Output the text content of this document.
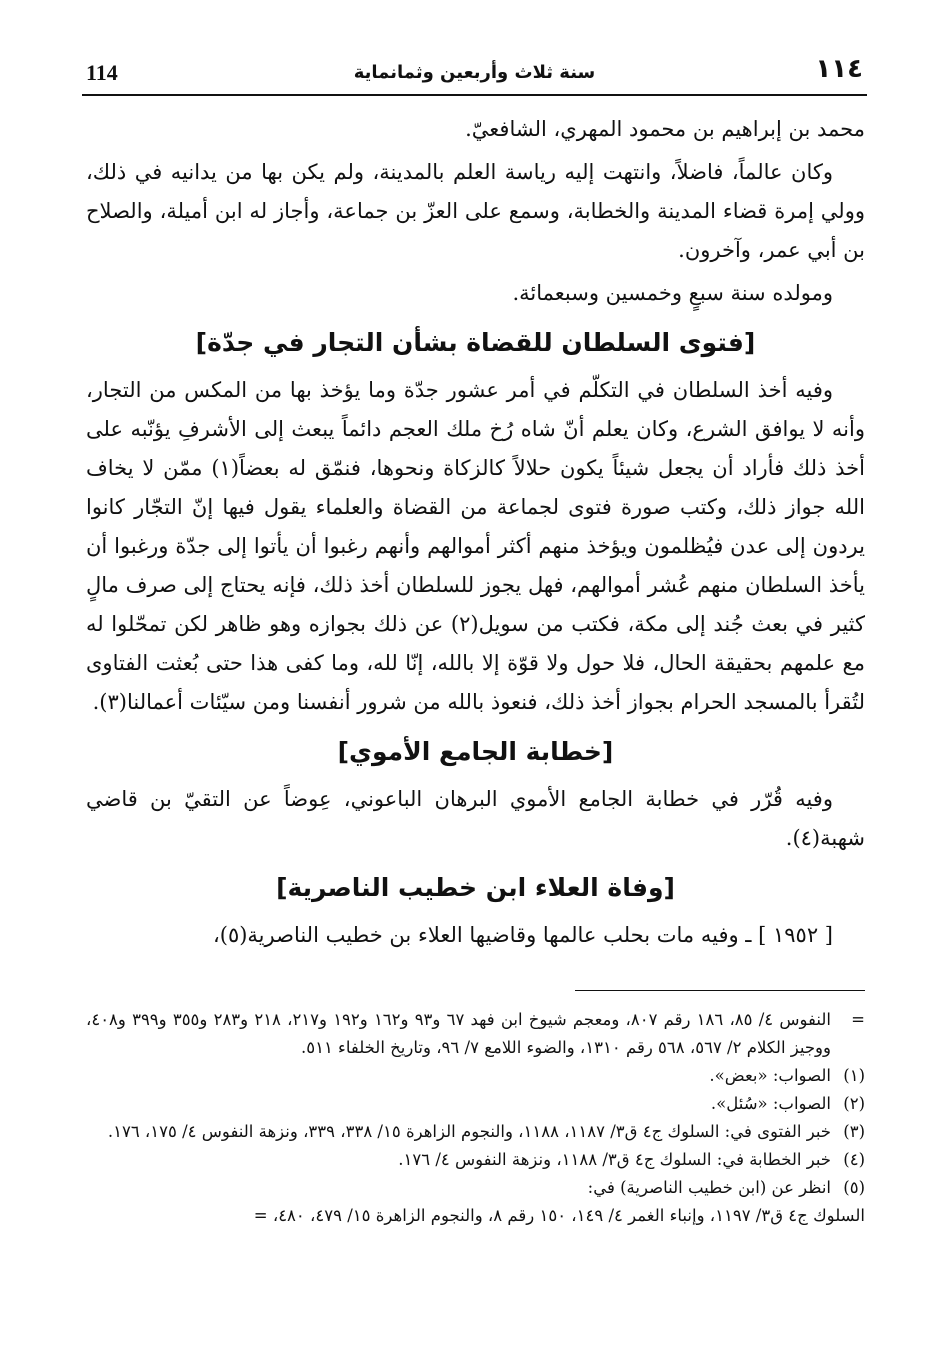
114	سنة ثلاث وأربعين وثمانماية	١١٤

محمد بن إبراهيم بن محمود المهري، الشافعيّ.

وكان عالماً، فاضلاً، وانتهت إليه رياسة العلم بالمدينة، ولم يكن بها من يدانيه في ذلك، وولي إمرة قضاء المدينة والخطابة، وسمع على العزّ بن جماعة، وأجاز له ابن أميلة، والصلاح بن أبي عمر، وآخرون.

ومولده سنة سبعٍ وخمسين وسبعمائة.

[فتوى السلطان للقضاة بشأن التجار في جدّة]

وفيه أخذ السلطان في التكلّم في أمر عشور جدّة وما يؤخذ بها من المكس من التجار، وأنه لا يوافق الشرع، وكان يعلم أنّ شاه رُخ ملك العجم دائماً يبعث إلى الأشرفِ يؤنّبه على أخذ ذلك فأراد أن يجعل شيئاً يكون حلالاً كالزكاة ونحوها، فنمّق له بعضاً(١) ممّن لا يخاف الله جواز ذلك، وكتب صورة فتوى لجماعة من القضاة والعلماء يقول فيها إنّ التجّار كانوا يردون إلى عدن فيُظلمون ويؤخذ منهم أكثر أموالهم وأنهم رغبوا أن يأتوا إلى جدّة ورغبوا أن يأخذ السلطان منهم عُشر أموالهم، فهل يجوز للسلطان أخذ ذلك، فإنه يحتاج إلى صرف مالٍ كثير في بعث جُند إلى مكة، فكتب من سويل(٢) عن ذلك بجوازه وهو ظاهر لكن تمحّلوا له مع علمهم بحقيقة الحال، فلا حول ولا قوّة إلا بالله، إنّا لله، وما كفى هذا حتى بُعثت الفتاوى لتُقرأ بالمسجد الحرام بجواز أخذ ذلك، فنعوذ بالله من شرور أنفسنا ومن سيّئات أعمالنا(٣).

[خطابة الجامع الأموي]

وفيه قُرّر في خطابة الجامع الأموي البرهان الباعوني، عِوضاً عن التقيّ بن قاضي شهبة(٤).

[وفاة العلاء ابن خطيب الناصرية]

[ ١٩٥٢ ] ـ وفيه مات بحلب عالمها وقاضيها العلاء بن خطيب الناصرية(٥)،

=
النفوس ٤/ ٨٥، ١٨٦ رقم ٨٠٧، ومعجم شيوخ ابن فهد ٦٧ و٩٣ و١٦٢ و١٩٢ و٢١٧، ٢١٨ و٢٨٣ و٣٥٥ و٣٩٩ و٤٠٨، ووجيز الكلام ٢/ ٥٦٧، ٥٦٨ رقم ١٣١٠، والضوء اللامع ٧/ ٩٦، وتاريخ الخلفاء ٥١١.
(١)
الصواب: «بعض».
(٢)
الصواب: «سُئل».
(٣)
خبر الفتوى في: السلوك ج٤ ق٣/ ١١٨٧، ١١٨٨، والنجوم الزاهرة ١٥/ ٣٣٨، ٣٣٩، ونزهة النفوس ٤/ ١٧٥، ١٧٦.
(٤)
خبر الخطابة في: السلوك ج٤ ق٣/ ١١٨٨، ونزهة النفوس ٤/ ١٧٦.
(٥)
انظر عن (ابن خطيب الناصرية) في:
السلوك ج٤ ق٣/ ١١٩٧، وإنباء الغمر ٤/ ١٤٩، ١٥٠ رقم ٨، والنجوم الزاهرة ١٥/ ٤٧٩، ٤٨٠، =
